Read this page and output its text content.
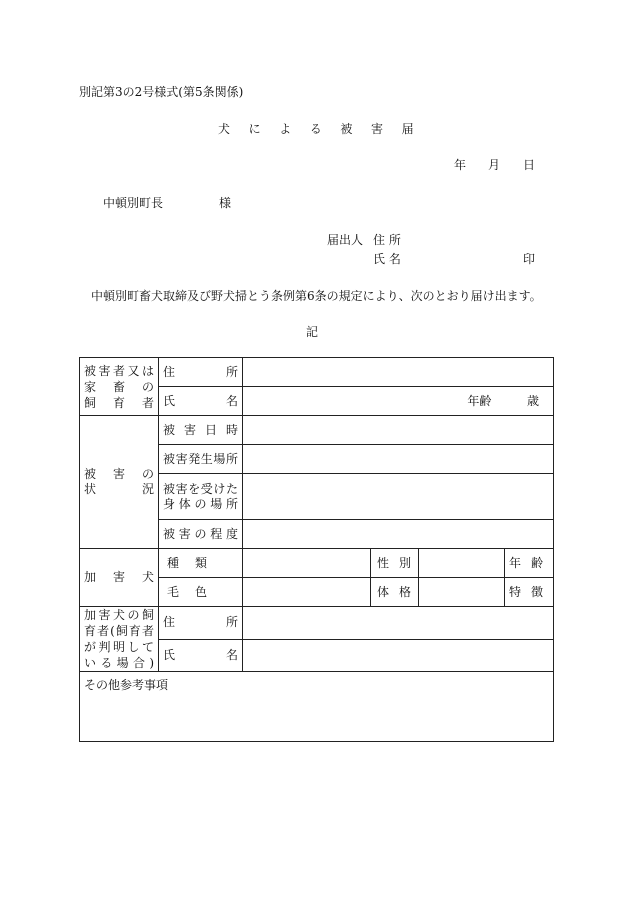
別記第3の2号様式(第5条関係)
犬による被害届
年 月 日
中頓別町長	様
届出人 住 所
氏 名	印
中頓別町畜犬取締及び野犬掃とう条例第6条の規定により、次のとおり届け出ます。
記
被害者又は
家　畜　の
飼　育　者	住所				
	氏名	年齢 歳			

被　害　の
状　　　況	被害日時				
	被害発生場所				

	被害を受けた
身体の場所				

	被害の程度				
加　害　犬	種類		性別		年齢

	毛色		体格		特徴

加害犬の飼
育者(飼育者
が判明して
いる場合)	住所				
	氏名				
その他参考事項					
